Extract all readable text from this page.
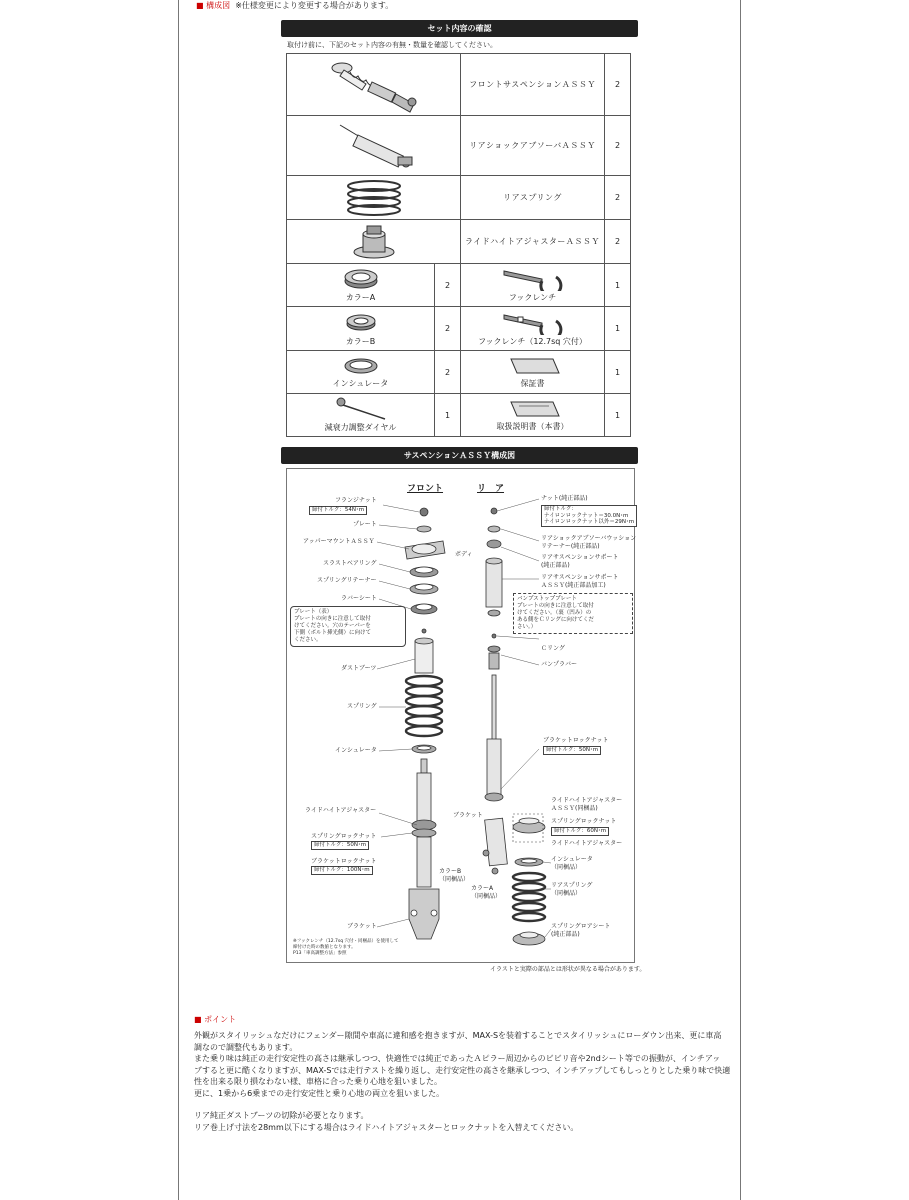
■ 構成図 ※仕様変更により変更する場合があります。
セット内容の確認
取付け前に、下記のセット内容の有無・数量を確認してください。
	フロントサスペンションＡＳＳＹ	2

	リアショックアブソーバＡＳＳＹ	2

	リアスプリング	2

	ライドハイトアジャスターＡＳＳＹ	2

カラーA	2	フックレンチ	1

カラーB	2	フックレンチ（12.7sq 穴付）	1

インシュレータ	2	保証書	1

減衰力調整ダイヤル	1	取扱説明書（本書）	1
サスペンションＡＳＳＹ構成図
フロント	リ　ア
フランジナット
締付トルク：54N･m
プレート
アッパーマウントＡＳＳＹ
スラストベアリング
スプリングリテーナー
ラバーシート
プレート（表）
プレートの向きに注意して取付
けてください。穴のテーパーを
下側（ボルト挿光側）に向けて
ください。
ダストブーツ
スプリング
インシュレータ
ライドハイトアジャスター
スプリングロックナット
締付トルク：50N･m
ブラケットロックナット
締付トルク：100N･m
ブラケット
※フックレンチ（12.7sq 穴付・同梱品）を使用して
締付けた時の数値となります。
P13「車高調整方法」参照
ナット(純正部品)
締付トルク：
ナイロンロックナット＝30.0N･m
ナイロンロックナット以外＝29N･m
ボディ
リアショックアブソーバウッション
リテーナー(純正部品)
リアサスペンションサポート
(純正部品)
リアサスペンションサポート
ＡＳＳＹ(純正部品加工)
バンプストッププレート
プレートの向きに注意して取付
けてください。（裏（凹み）の
ある側をＣリングに向けてくだ
さい。）
Ｃリング
バンプラバー
ブラケットロックナット
締付トルク：50N･m
ブラケット
カラーB
（同梱品）
カラーA
（同梱品）
ライドハイトアジャスター
ＡＳＳＹ(同梱品)
スプリングロックナット
締付トルク：60N･m
ライドハイトアジャスター
インシュレータ
（同梱品）
リアスプリング
（同梱品）
スプリングロアシート
(純正部品)
イラストと実際の部品とは形状が異なる場合があります。
■ ポイント

外観がスタイリッシュなだけにフェンダー隙間や車高に違和感を抱きますが、MAX-Sを装着することでスタイリッシュにローダウン出来、更に車高

調なので調整代もあります。

また乗り味は純正の走行安定性の高さは継承しつつ、快適性では純正であったＡピラー周辺からのビビリ音や2ndシート等での振動が、インチアッ

プすると更に酷くなりますが、MAX-Sでは走行テストを繰り返し、走行安定性の高さを継承しつつ、インチアップしてもしっとりとした乗り味で快適

性を出来る限り損なわない様、車格に合った乗り心地を狙いました。

更に、1乗から6乗までの走行安定性と乗り心地の両立を狙いました。

リア純正ダストブーツの切除が必要となります。

リア巻上げ寸法を28mm以下にする場合はライドハイトアジャスターとロックナットを入替えてください。
